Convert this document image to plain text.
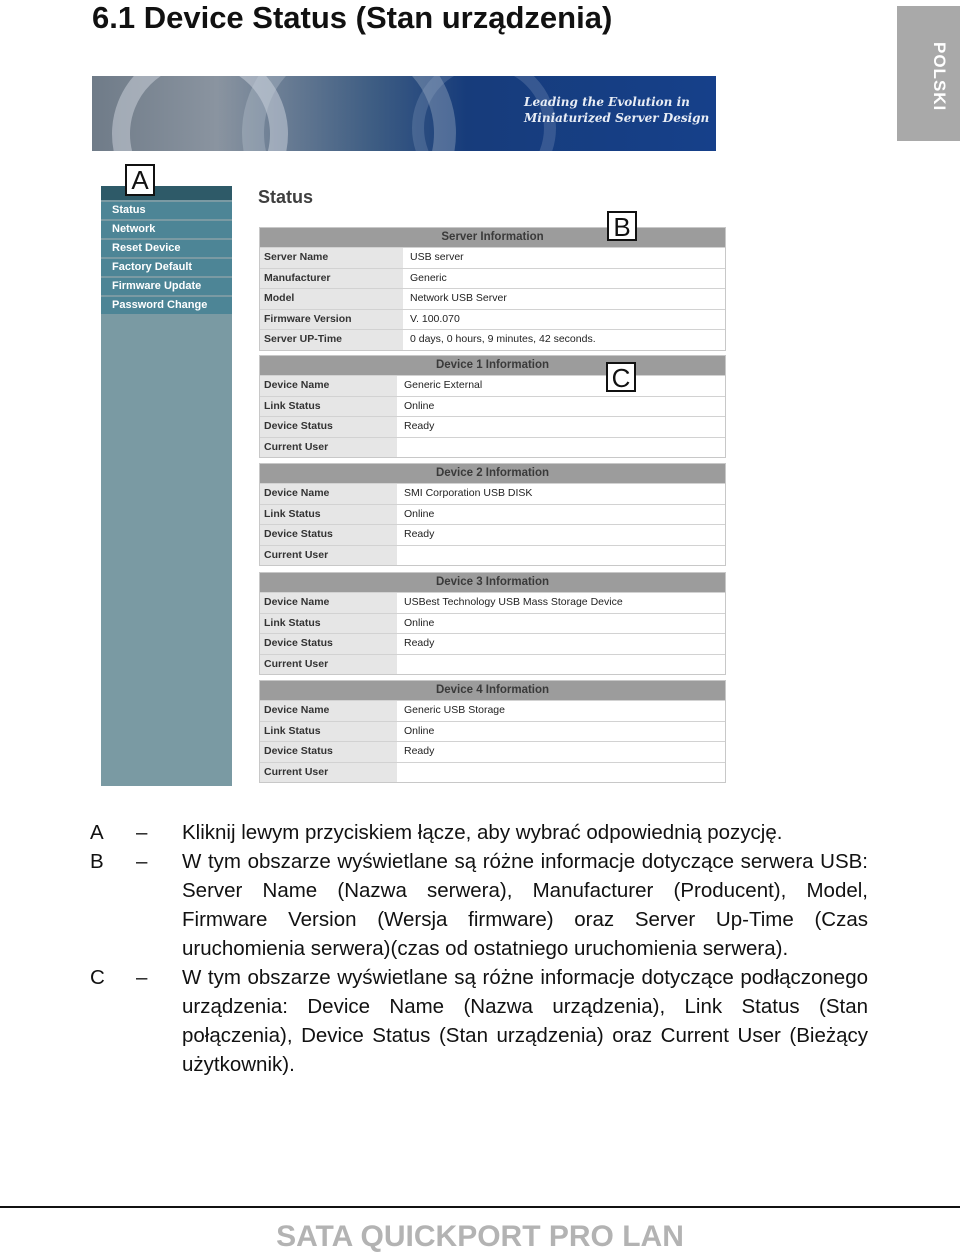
6.1 Device Status (Stan urządzenia)
POLSKI
Leading the Evolution in
Miniaturized Server Design
Status
Network
Reset Device
Factory Default
Firmware Update
Password Change
A
Status
Server Information
Server Name	USB server
Manufacturer	Generic
Model	Network USB Server
Firmware Version	V. 100.070
Server UP-Time	0 days, 0 hours, 9 minutes, 42 seconds.
B
Device 1 Information
Device Name	Generic External
Link Status	Online
Device Status	Ready
Current User
C
Device 2 Information
Device Name	SMI Corporation USB DISK
Link Status	Online
Device Status	Ready
Current User
Device 3 Information
Device Name	USBest Technology USB Mass Storage Device
Link Status	Online
Device Status	Ready
Current User
Device 4 Information
Device Name	Generic USB Storage
Link Status	Online
Device Status	Ready
Current User
A	–	Kliknij lewym przyciskiem łącze, aby wybrać odpowiednią pozycję.
B	–	W tym obszarze wyświetlane są różne informacje dotyczące serwera USB: Server Name (Nazwa serwera), Manufacturer (Producent), Model, Firmware Version (Wersja firmware) oraz Server Up-Time (Czas uruchomienia serwera)(czas od ostatniego uruchomienia serwera).
C	–	W tym obszarze wyświetlane są różne informacje dotyczące podłączonego urządzenia: Device Name (Nazwa urządzenia), Link Status (Stan połączenia), Device Status (Stan urządzenia) oraz Current User (Bieżący użytkownik).
SATA QUICKPORT PRO LAN
